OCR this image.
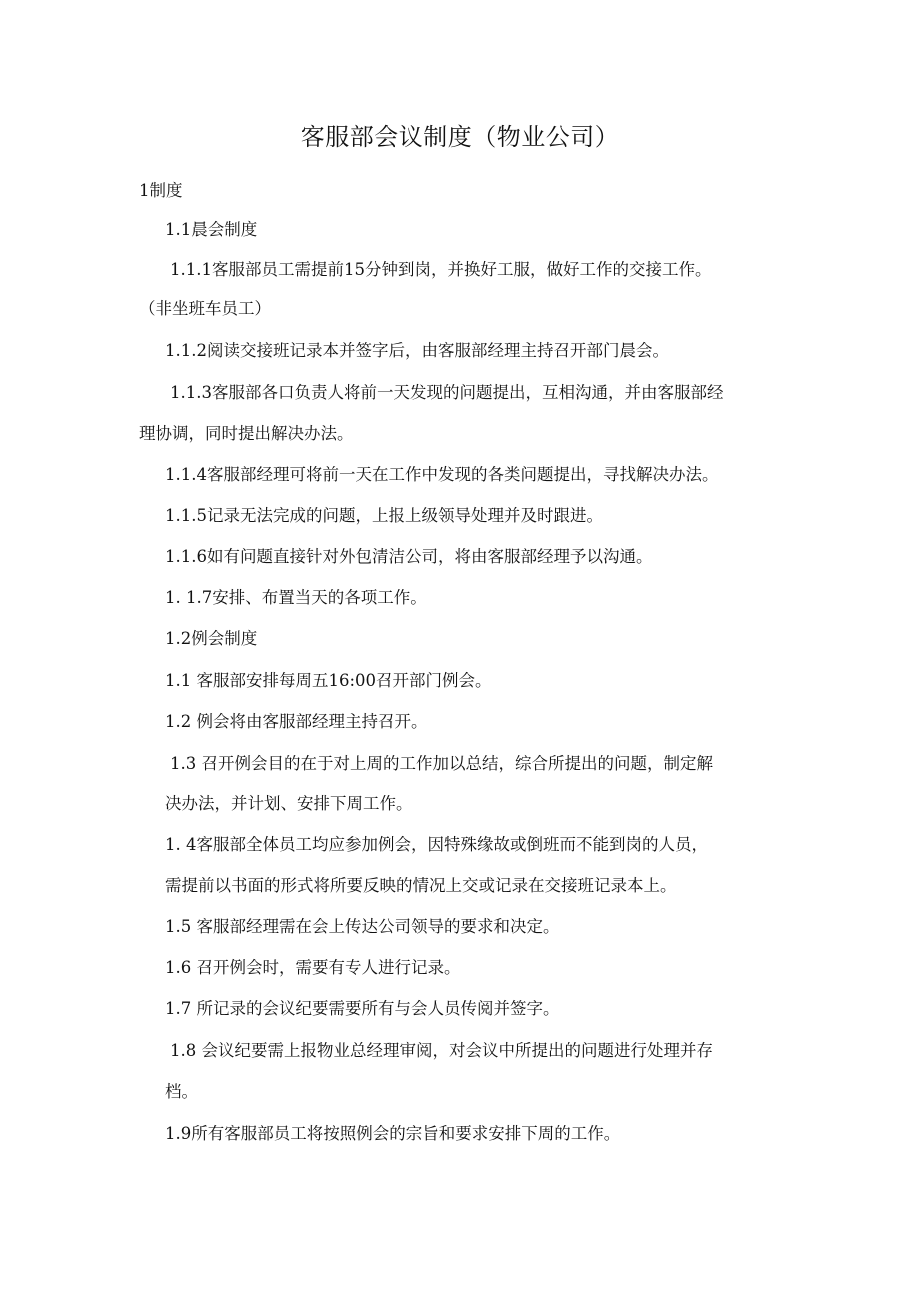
客服部会议制度（物业公司）
1制度
1.1晨会制度
1.1.1客服部员工需提前15分钟到岗，并换好工服，做好工作的交接工作。
（非坐班车员工）
1.1.2阅读交接班记录本并签字后，由客服部经理主持召开部门晨会。
1.1.3客服部各口负责人将前一天发现的问题提出，互相沟通，并由客服部经
理协调，同时提出解决办法。
1.1.4客服部经理可将前一天在工作中发现的各类问题提出，寻找解决办法。
1.1.5记录无法完成的问题，上报上级领导处理并及时跟进。
1.1.6如有问题直接针对外包清洁公司，将由客服部经理予以沟通。
1. 1.7安排、布置当天的各项工作。
1.2例会制度
1.1 客服部安排每周五16:00召开部门例会。
1.2 例会将由客服部经理主持召开。
1.3 召开例会目的在于对上周的工作加以总结，综合所提出的问题，制定解
决办法，并计划、安排下周工作。
1. 4客服部全体员工均应参加例会，因特殊缘故或倒班而不能到岗的人员，
需提前以书面的形式将所要反映的情况上交或记录在交接班记录本上。
1.5 客服部经理需在会上传达公司领导的要求和决定。
1.6 召开例会时，需要有专人进行记录。
1.7 所记录的会议纪要需要所有与会人员传阅并签字。
1.8 会议纪要需上报物业总经理审阅，对会议中所提出的问题进行处理并存
档。
1.9所有客服部员工将按照例会的宗旨和要求安排下周的工作。
